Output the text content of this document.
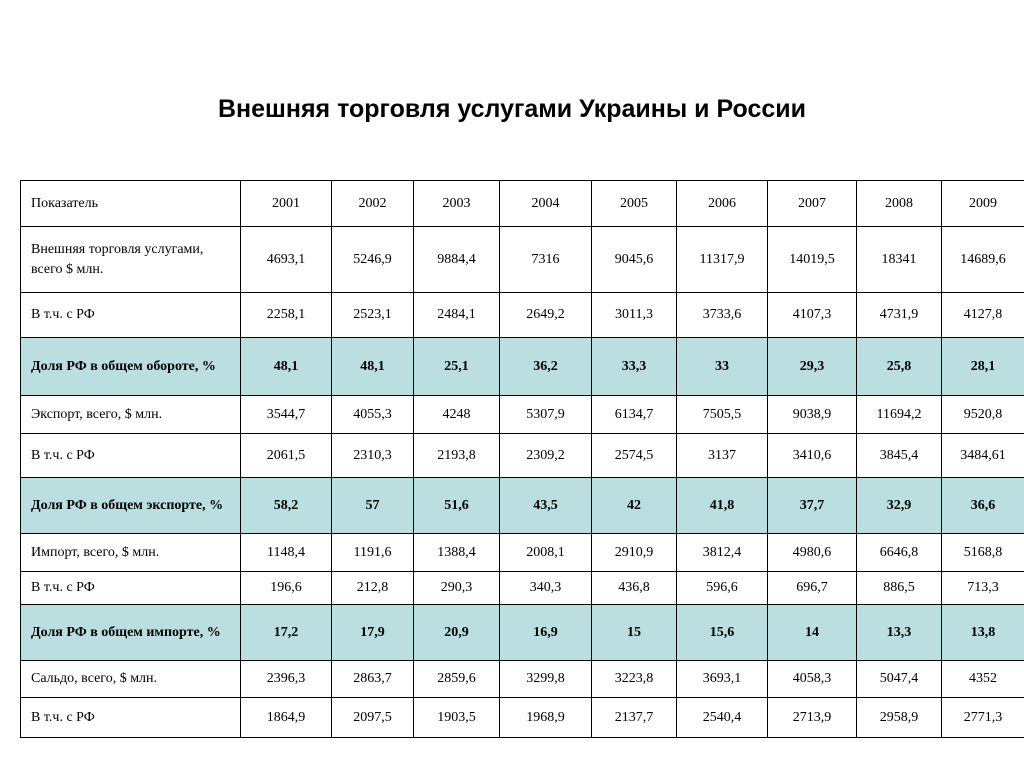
Внешняя торговля услугами Украины и России
Показатель	2001	2002	2003	2004	2005	2006	2007	2008	2009
Внешняя торговля услугами, всего $ млн.	4693,1	5246,9	9884,4	7316	9045,6	11317,9	14019,5	18341	14689,6
В т.ч. с РФ	2258,1	2523,1	2484,1	2649,2	3011,3	3733,6	4107,3	4731,9	4127,8
Доля РФ в общем обороте, %	48,1	48,1	25,1	36,2	33,3	33	29,3	25,8	28,1
Экспорт, всего, $ млн.	3544,7	4055,3	4248	5307,9	6134,7	7505,5	9038,9	11694,2	9520,8
В т.ч. с РФ	2061,5	2310,3	2193,8	2309,2	2574,5	3137	3410,6	3845,4	3484,61
Доля РФ в общем экспорте, %	58,2	57	51,6	43,5	42	41,8	37,7	32,9	36,6
Импорт, всего, $ млн.	1148,4	1191,6	1388,4	2008,1	2910,9	3812,4	4980,6	6646,8	5168,8
В т.ч. с РФ	196,6	212,8	290,3	340,3	436,8	596,6	696,7	886,5	713,3
Доля РФ в общем импорте, %	17,2	17,9	20,9	16,9	15	15,6	14	13,3	13,8
Сальдо, всего, $ млн.	2396,3	2863,7	2859,6	3299,8	3223,8	3693,1	4058,3	5047,4	4352
В т.ч. с РФ	1864,9	2097,5	1903,5	1968,9	2137,7	2540,4	2713,9	2958,9	2771,3
